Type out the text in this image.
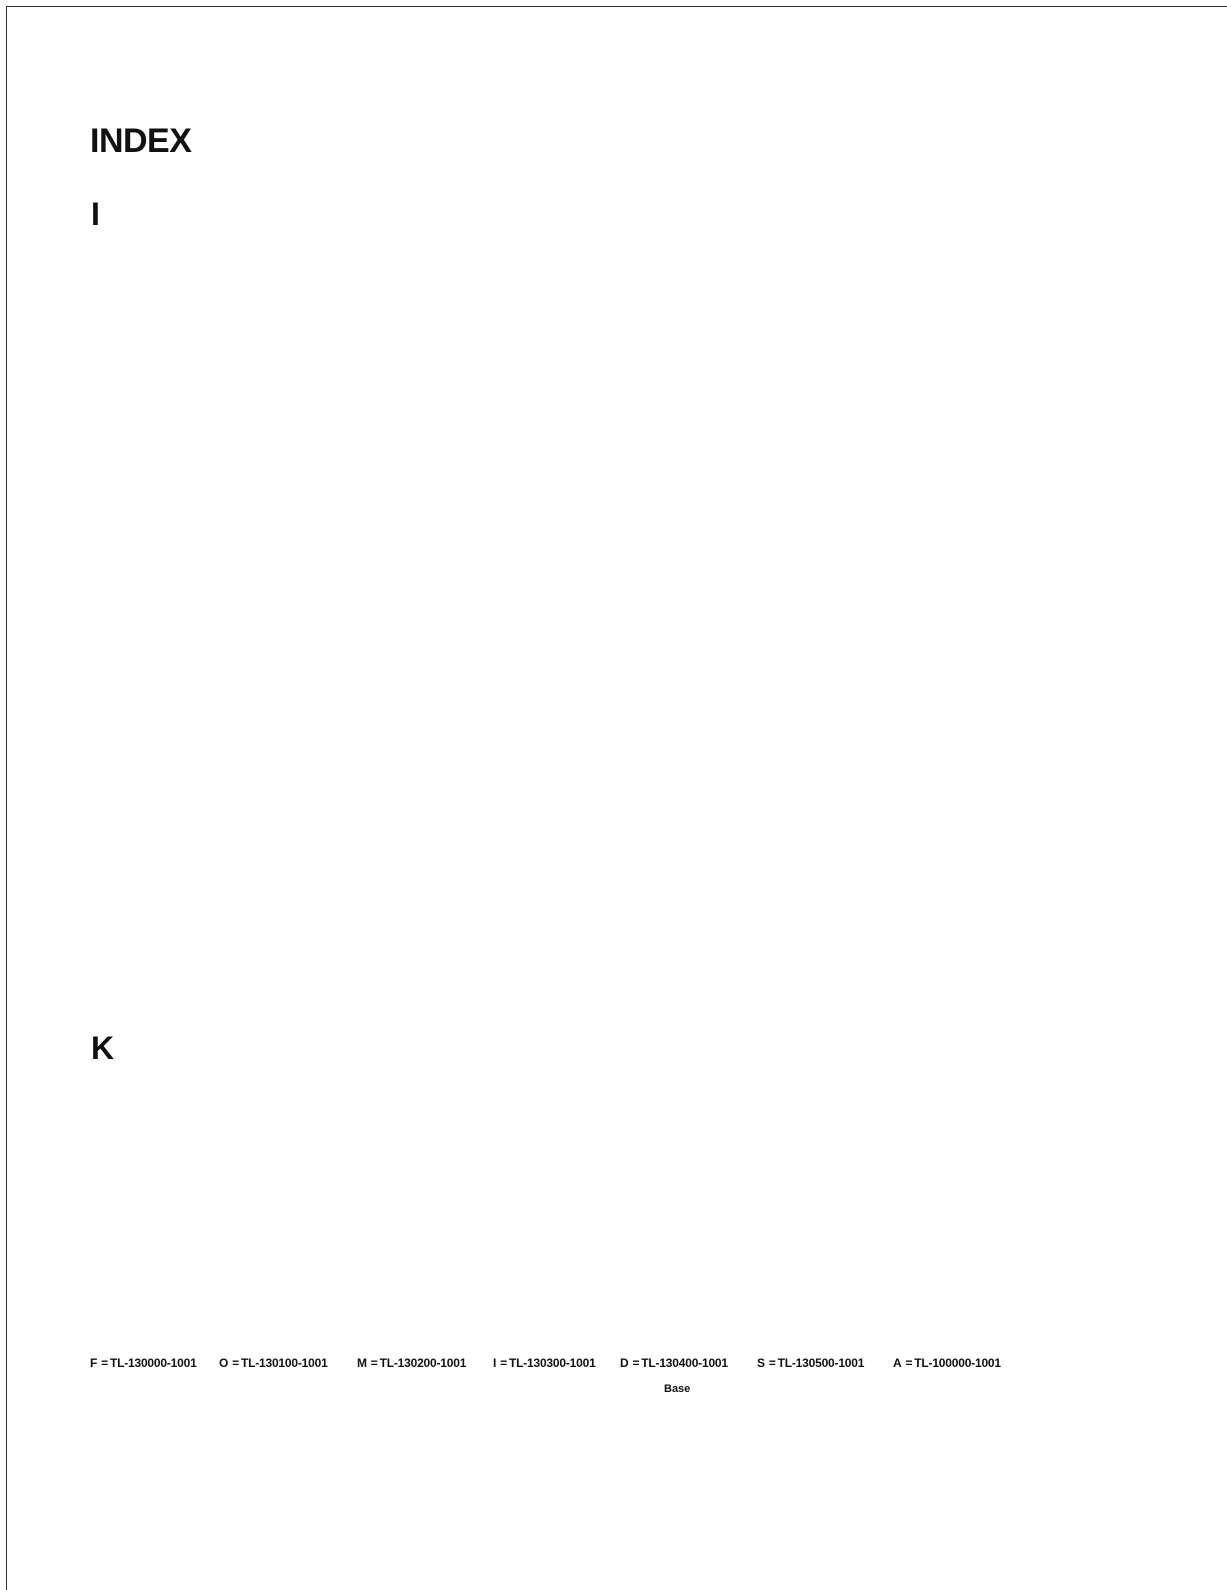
INDEX
I
K
F = TL-130000-1001 O = TL-130100-1001 M = TL-130200-1001 I = TL-130300-1001 D = TL-130400-1001 S = TL-130500-1001 A = TL-100000-1001
Base
